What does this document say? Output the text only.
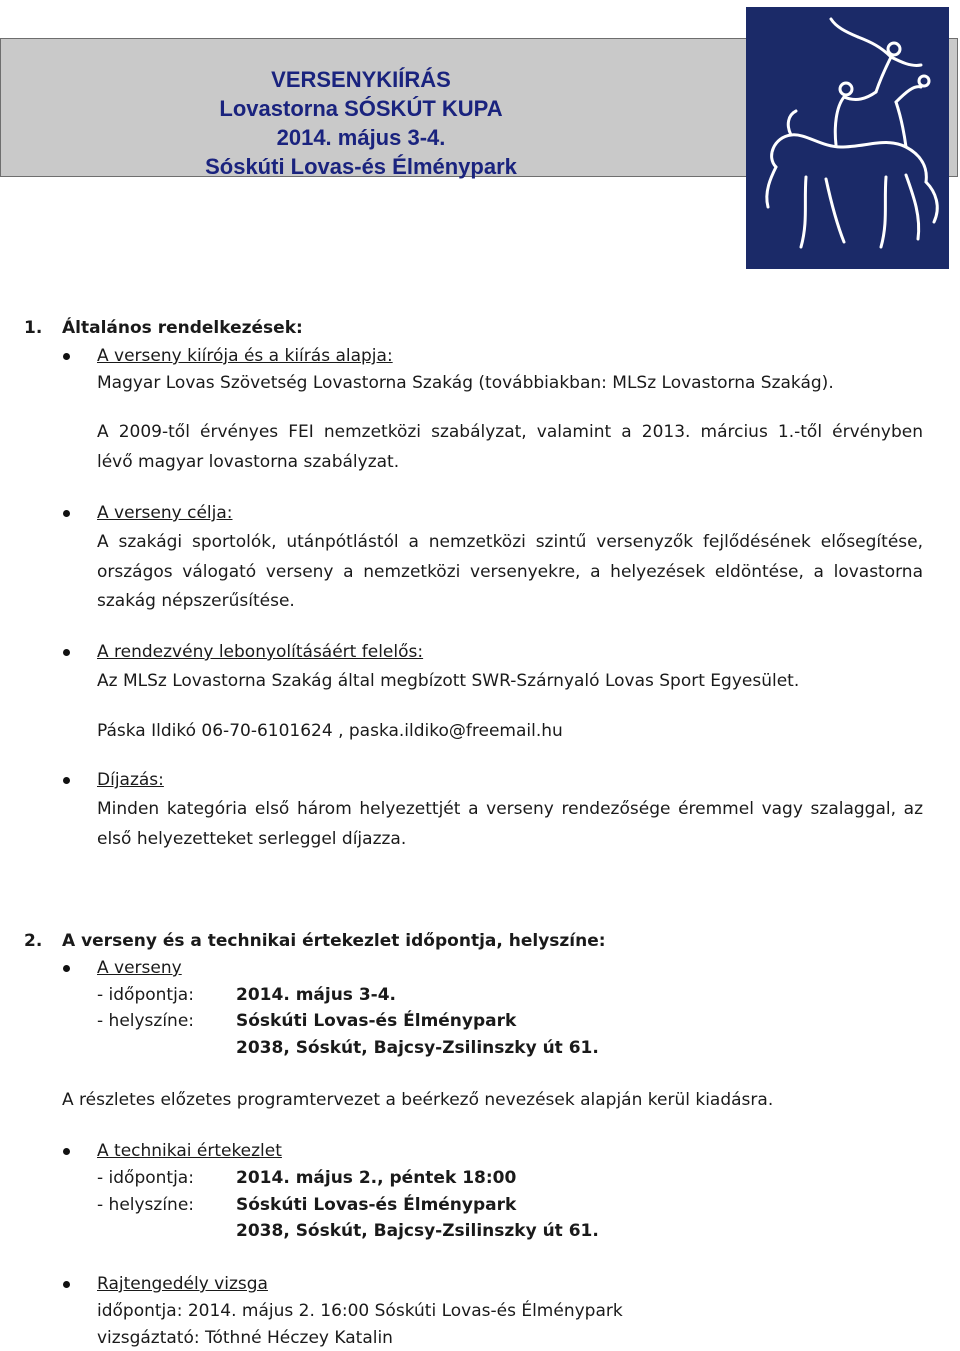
VERSENYKIÍRÁS
Lovastorna SÓSKÚT KUPA
2014. május 3-4.
Sóskúti Lovas-és Élménypark
1. Általános rendelkezések:
A verseny kiírója és a kiírás alapja:
Magyar Lovas Szövetség Lovastorna Szakág (továbbiakban: MLSz Lovastorna Szakág).
A 2009-től érvényes FEI nemzetközi szabályzat, valamint a 2013. március 1.-től érvényben
lévő magyar lovastorna szabályzat.
A verseny célja:
A szakági sportolók, utánpótlástól a nemzetközi szintű versenyzők fejlődésének elősegítése,
országos válogató verseny a nemzetközi versenyekre, a helyezések eldöntése, a lovastorna
szakág népszerűsítése.
A rendezvény lebonyolításáért felelős:
Az MLSz Lovastorna Szakág által megbízott SWR-Szárnyaló Lovas Sport Egyesület.
Páska Ildikó 06-70-6101624 , paska.ildiko@freemail.hu
Díjazás:
Minden kategória első három helyezettjét a verseny rendezősége éremmel vagy szalaggal, az
első helyezetteket serleggel díjazza.
2. A verseny és a technikai értekezlet időpontja, helyszíne:
A verseny
- időpontja: 2014. május 3-4.
- helyszíne: Sóskúti Lovas-és Élménypark
2038, Sóskút, Bajcsy-Zsilinszky út 61.
A részletes előzetes programtervezet a beérkező nevezések alapján kerül kiadásra.
A technikai értekezlet
- időpontja: 2014. május 2., péntek 18:00
- helyszíne: Sóskúti Lovas-és Élménypark
2038, Sóskút, Bajcsy-Zsilinszky út 61.
Rajtengedély vizsga
időpontja: 2014. május 2. 16:00 Sóskúti Lovas-és Élménypark
vizsgáztató: Tóthné Héczey Katalin
